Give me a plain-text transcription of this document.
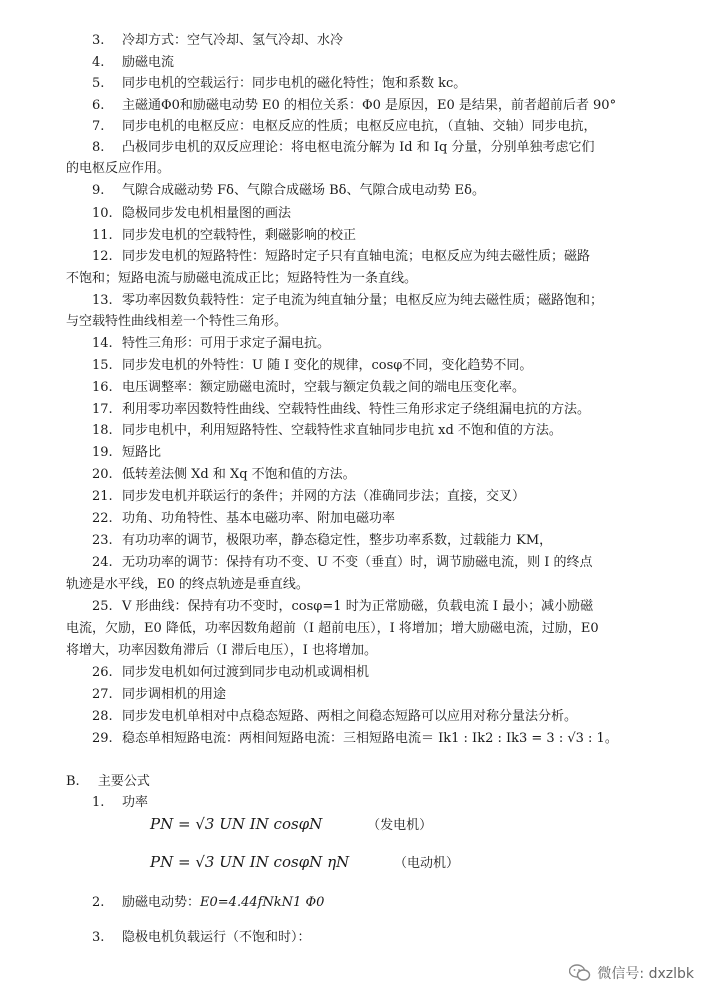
3. 冷却方式：空气冷却、氢气冷却、水冷
4. 励磁电流
5. 同步电机的空载运行：同步电机的磁化特性；饱和系数 kc。
6. 主磁通Φ0和励磁电动势 E0 的相位关系：Φ0 是原因，E0 是结果，前者超前后者 90°
7. 同步电机的电枢反应：电枢反应的性质；电枢反应电抗，（直轴、交轴）同步电抗，
8. 凸极同步电机的双反应理论：将电枢电流分解为 Id 和 Iq 分量，分别单独考虑它们
的电枢反应作用。
9. 气隙合成磁动势 Fδ、气隙合成磁场 Bδ、气隙合成电动势 Eδ。
10. 隐极同步发电机相量图的画法
11. 同步发电机的空载特性，剩磁影响的校正
12. 同步发电机的短路特性：短路时定子只有直轴电流；电枢反应为纯去磁性质；磁路
不饱和；短路电流与励磁电流成正比；短路特性为一条直线。
13. 零功率因数负载特性：定子电流为纯直轴分量；电枢反应为纯去磁性质；磁路饱和；
与空载特性曲线相差一个特性三角形。
14. 特性三角形：可用于求定子漏电抗。
15. 同步发电机的外特性：U 随 I 变化的规律，cosφ不同，变化趋势不同。
16. 电压调整率：额定励磁电流时，空载与额定负载之间的端电压变化率。
17. 利用零功率因数特性曲线、空载特性曲线、特性三角形求定子绕组漏电抗的方法。
18. 同步电机中，利用短路特性、空载特性求直轴同步电抗 xd 不饱和值的方法。
19. 短路比
20. 低转差法侧 Xd 和 Xq 不饱和值的方法。
21. 同步发电机并联运行的条件；并网的方法（准确同步法；直接，交叉）
22. 功角、功角特性、基本电磁功率、附加电磁功率
23. 有功功率的调节，极限功率，静态稳定性，整步功率系数，过载能力 KM，
24. 无功功率的调节：保持有功不变、U 不变（垂直）时，调节励磁电流，则 I 的终点
轨迹是水平线，E0 的终点轨迹是垂直线。
25. V 形曲线：保持有功不变时，cosφ=1 时为正常励磁，负载电流 I 最小；减小励磁
电流，欠励，E0 降低，功率因数角超前（I 超前电压），I 将增加；增大励磁电流，过励，E0
将增大，功率因数角滞后（I 滞后电压），I 也将增加。
26. 同步发电机如何过渡到同步电动机或调相机
27. 同步调相机的用途
28. 同步发电机单相对中点稳态短路、两相之间稳态短路可以应用对称分量法分析。
29. 稳态单相短路电流：两相间短路电流：三相短路电流＝ Ik1 : Ik2 : Ik3 = 3 : √3 : 1。
B. 主要公式
1. 功率
PN = √3 UN IN cosφN	（发电机）
PN = √3 UN IN cosφN ηN	（电动机）
2. 励磁电动势：E0=4.44fNkN1 Φ0
3. 隐极电机负载运行（不饱和时）：
微信号: dxzlbk
